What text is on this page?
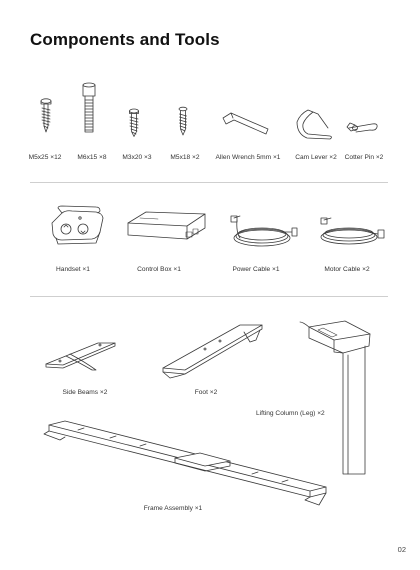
Components and Tools
M5x25 ×12 M6x15 ×8 M3x20 ×3	M5x18 ×2 Allen Wrench 5mm ×1 Cam Lever ×2 Cotter Pin ×2
Handset ×1	Control Box ×1	Power Cable ×1	Motor Cable ×2
Side Beams ×2	Foot ×2
Lifting Column (Leg) ×2
Frame Assembly ×1
02
